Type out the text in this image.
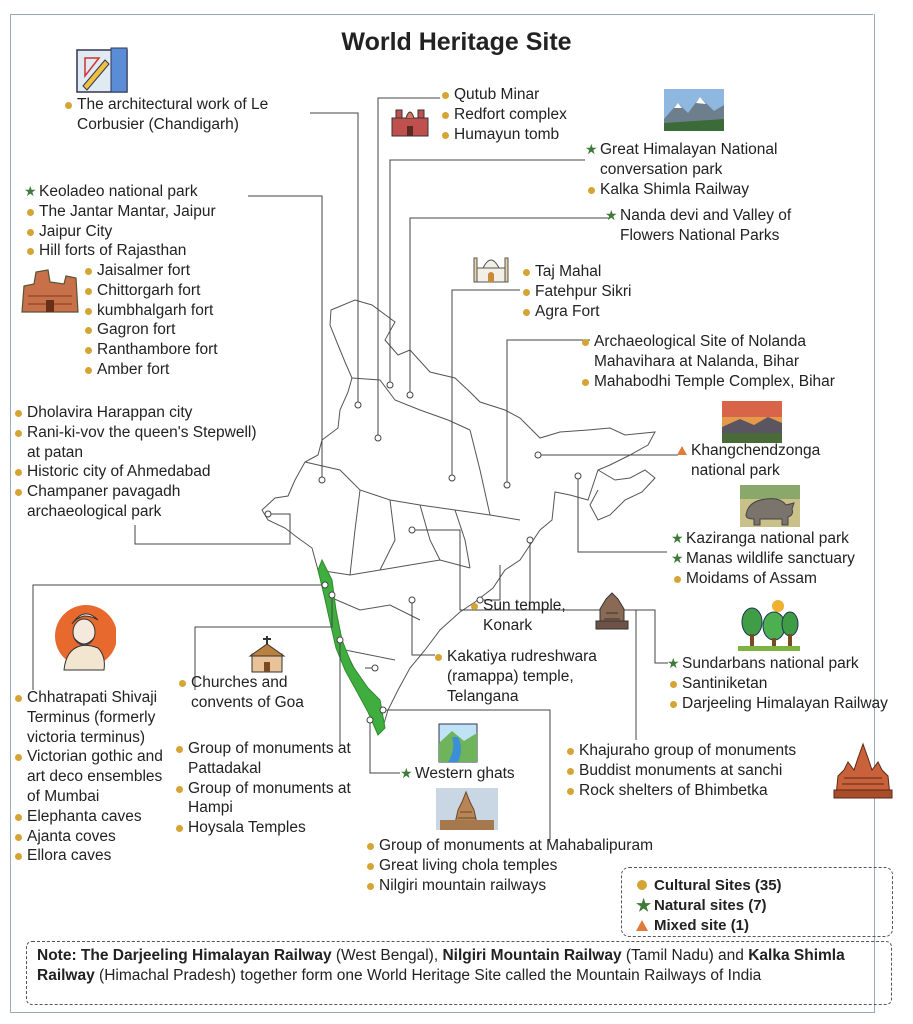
World Heritage Site
The architectural work of Le Corbusier (Chandigarh)
Qutub Minar
Redfort complex
Humayun tomb
★ Great Himalayan National conversation park
Kalka Shimla Railway
★ Nanda devi and Valley of Flowers National Parks
★ Keoladeo national park
The Jantar Mantar, Jaipur
Jaipur City
Hill forts of Rajasthan
Jaisalmer fort
Chittorgarh fort
kumbhalgarh fort
Gagron fort
Ranthambore fort
Amber fort
Taj Mahal
Fatehpur Sikri
Agra Fort
Archaeological Site of Nolanda Mahavihara at Nalanda, Bihar
Mahabodhi Temple Complex, Bihar
Dholavira Harappan city
Rani-ki-vov the queen's Stepwell) at patan
Historic city of Ahmedabad
Champaner pavagadh archaeological park
Khangchendzonga national park
★ Kaziranga national park
★ Manas wildlife sanctuary
Moidams of Assam
Sun temple, Konark
★ Sundarbans national park
Santiniketan
Darjeeling Himalayan Railway
Kakatiya rudreshwara (ramappa) temple, Telangana
Churches and convents of Goa
Chhatrapati Shivaji Terminus (formerly victoria terminus)
Victorian gothic and art deco ensembles of Mumbai
Elephanta caves
Ajanta coves
Ellora caves
Group of monuments at Pattadakal
Group of monuments at Hampi
Hoysala Temples
★ Western ghats
Khajuraho group of monuments
Buddist monuments at sanchi
Rock shelters of Bhimbetka
Group of monuments at Mahabalipuram
Great living chola temples
Nilgiri mountain railways	Cultural Sites (35)
★ Natural sites (7)
Mixed site (1)
Note: The Darjeeling Himalayan Railway (West Bengal), Nilgiri Mountain Railway (Tamil Nadu) and Kalka Shimla Railway (Himachal Pradesh) together form one World Heritage Site called the Mountain Railways of India
